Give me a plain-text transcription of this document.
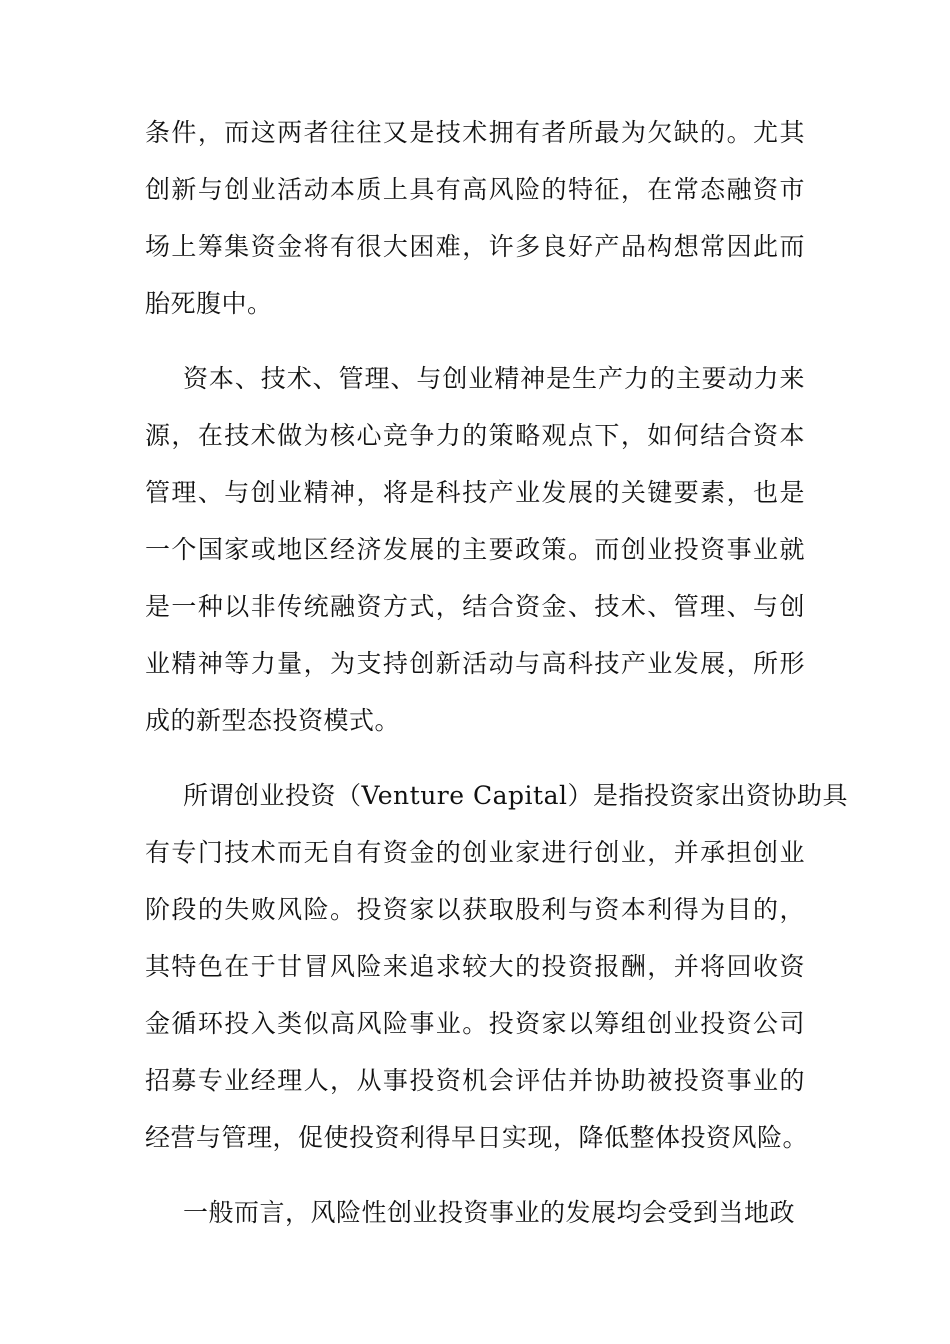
条件，而这两者往往又是技术拥有者所最为欠缺的。尤其
创新与创业活动本质上具有高风险的特征，在常态融资市
场上筹集资金将有很大困难，许多良好产品构想常因此而
胎死腹中。
资本、技术、管理、与创业精神是生产力的主要动力来
源，在技术做为核心竞争力的策略观点下，如何结合资本
管理、与创业精神，将是科技产业发展的关键要素，也是
一个国家或地区经济发展的主要政策。而创业投资事业就
是一种以非传统融资方式，结合资金、技术、管理、与创
业精神等力量，为支持创新活动与高科技产业发展，所形
成的新型态投资模式。
所谓创业投资（Venture Capital）是指投资家出资协助具
有专门技术而无自有资金的创业家进行创业，并承担创业
阶段的失败风险。投资家以获取股利与资本利得为目的，
其特色在于甘冒风险来追求较大的投资报酬，并将回收资
金循环投入类似高风险事业。投资家以筹组创业投资公司
招募专业经理人，从事投资机会评估并协助被投资事业的
经营与管理，促使投资利得早日实现，降低整体投资风险。
一般而言，风险性创业投资事业的发展均会受到当地政
